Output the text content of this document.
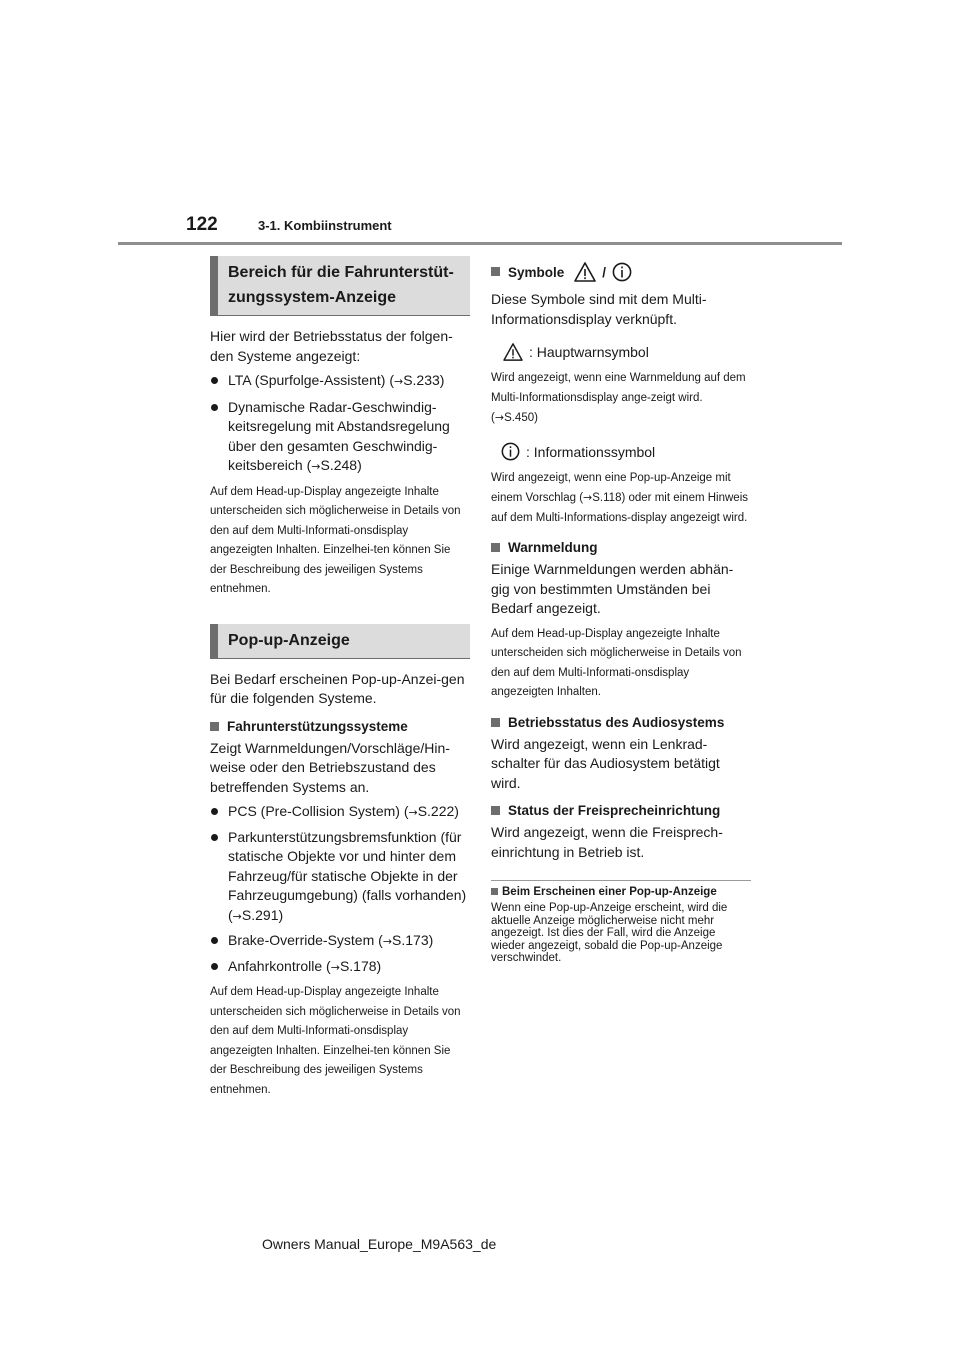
122	3-1. Kombiinstrument
Bereich für die Fahrunterstüt-zungssystem-Anzeige

Hier wird der Betriebsstatus der folgen-den Systeme angezeigt:

LTA (Spurfolge-Assistent) (→S.233)
Dynamische Radar-Geschwindig-keitsregelung mit Abstandsregelung über den gesamten Geschwindig-keitsbereich (→S.248)

Auf dem Head-up-Display angezeigte Inhalte unterscheiden sich möglicherweise in Details von den auf dem Multi-Informati-onsdisplay angezeigten Inhalten. Einzelhei-ten können Sie der Beschreibung des jeweiligen Systems entnehmen.

Pop-up-Anzeige

Bei Bedarf erscheinen Pop-up-Anzei-gen für die folgenden Systeme.

Fahrunterstützungssysteme

Zeigt Warnmeldungen/Vorschläge/Hin-weise oder den Betriebszustand des betreffenden Systems an.

PCS (Pre-Collision System) (→S.222)
Parkunterstützungsbremsfunktion (für statische Objekte vor und hinter dem Fahrzeug/für statische Objekte in der Fahrzeugumgebung) (falls vorhanden) (→S.291)
Brake-Override-System (→S.173)
Anfahrkontrolle (→S.178)

Auf dem Head-up-Display angezeigte Inhalte unterscheiden sich möglicherweise in Details von den auf dem Multi-Informati-onsdisplay angezeigten Inhalten. Einzelhei-ten können Sie der Beschreibung des jeweiligen Systems entnehmen.

Symbole	/

Diese Symbole sind mit dem Multi-Informationsdisplay verknüpft.

: Hauptwarnsymbol

Wird angezeigt, wenn eine Warnmeldung auf dem Multi-Informationsdisplay ange-zeigt wird. (→S.450)

: Informationssymbol

Wird angezeigt, wenn eine Pop-up-Anzeige mit einem Vorschlag (→S.118) oder mit einem Hinweis auf dem Multi-Informations-display angezeigt wird.

Warnmeldung

Einige Warnmeldungen werden abhän-gig von bestimmten Umständen bei Bedarf angezeigt.

Auf dem Head-up-Display angezeigte Inhalte unterscheiden sich möglicherweise in Details von den auf dem Multi-Informati-onsdisplay angezeigten Inhalten.

Betriebsstatus des Audiosystems

Wird angezeigt, wenn ein Lenkrad-schalter für das Audiosystem betätigt wird.

Status der Freisprecheinrichtung

Wird angezeigt, wenn die Freisprech-einrichtung in Betrieb ist.

Beim Erscheinen einer Pop-up-Anzeige

Wenn eine Pop-up-Anzeige erscheint, wird die aktuelle Anzeige möglicherweise nicht mehr angezeigt. Ist dies der Fall, wird die Anzeige wieder angezeigt, sobald die Pop-up-Anzeige verschwindet.

Owners Manual_Europe_M9A563_de
